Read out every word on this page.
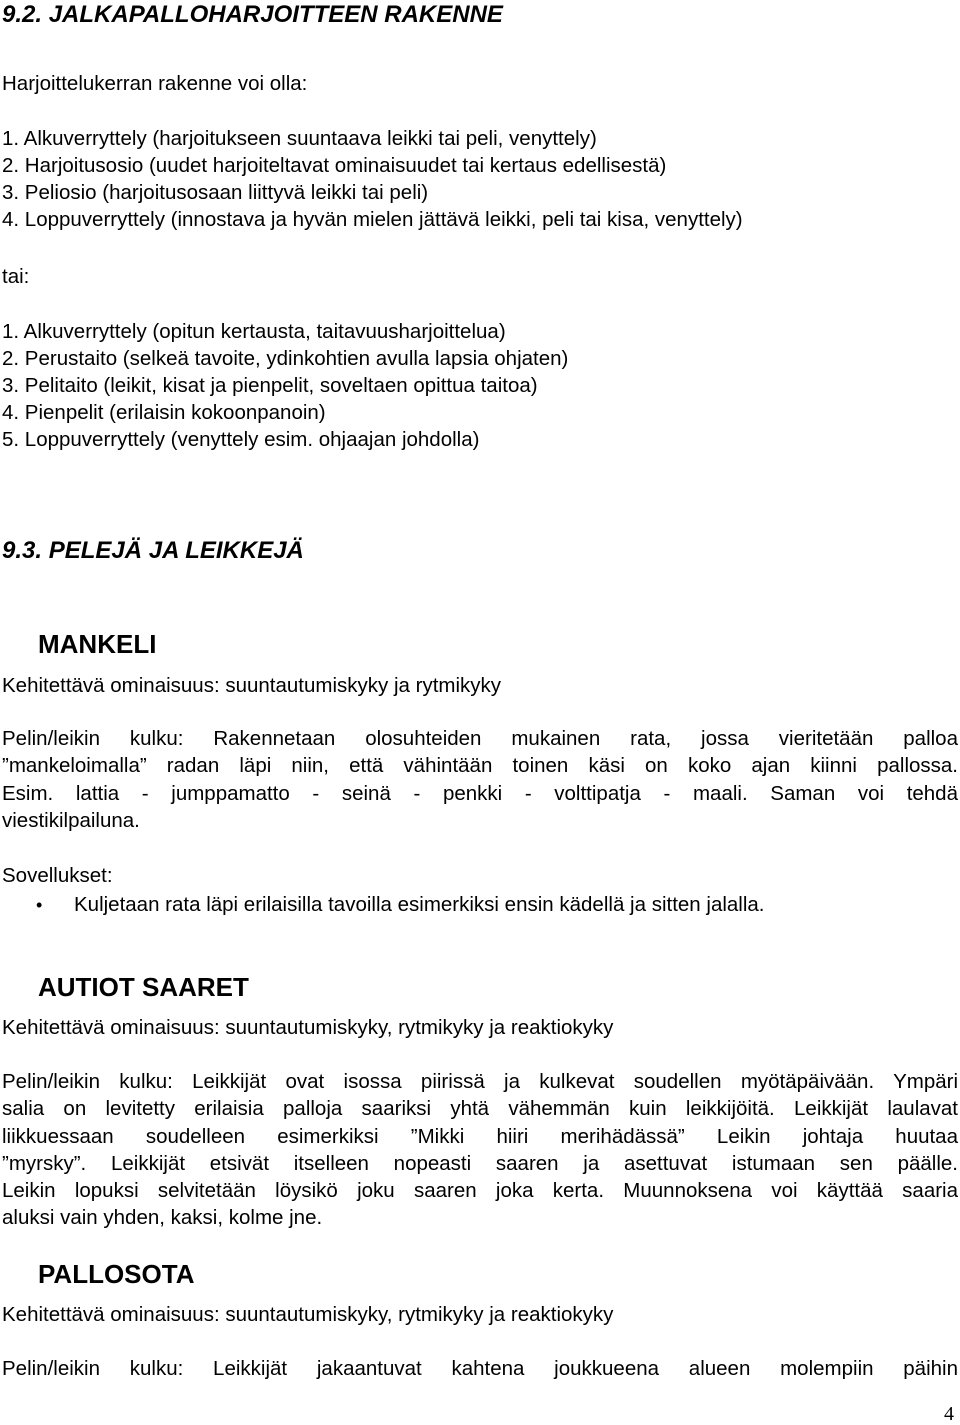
9.2. JALKAPALLOHARJOITTEEN RAKENNE
Harjoittelukerran rakenne voi olla:
1. Alkuverryttely (harjoitukseen suuntaava leikki tai peli, venyttely)
2. Harjoitusosio (uudet harjoiteltavat ominaisuudet tai kertaus edellisestä)
3. Peliosio (harjoitusosaan liittyvä leikki tai peli)
4. Loppuverryttely (innostava ja hyvän mielen jättävä leikki, peli tai kisa, venyttely)
tai:
1. Alkuverryttely (opitun kertausta, taitavuusharjoittelua)
2. Perustaito (selkeä tavoite, ydinkohtien avulla lapsia ohjaten)
3. Pelitaito (leikit, kisat ja pienpelit, soveltaen opittua taitoa)
4. Pienpelit (erilaisin kokoonpanoin)
5. Loppuverryttely (venyttely esim. ohjaajan johdolla)
9.3. PELEJÄ JA LEIKKEJÄ
MANKELI
Kehitettävä ominaisuus: suuntautumiskyky ja rytmikyky
Pelin/leikin kulku: Rakennetaan olosuhteiden mukainen rata, jossa vieritetään palloa
”mankeloimalla” radan läpi niin, että vähintään toinen käsi on koko ajan kiinni pallossa.
Esim. lattia - jumppamatto - seinä - penkki - volttipatja - maali. Saman voi tehdä
viestikilpailuna.
Sovellukset:
• Kuljetaan rata läpi erilaisilla tavoilla esimerkiksi ensin kädellä ja sitten jalalla.
AUTIOT SAARET
Kehitettävä ominaisuus: suuntautumiskyky, rytmikyky ja reaktiokyky
Pelin/leikin kulku: Leikkijät ovat isossa piirissä ja kulkevat soudellen myötäpäivään. Ympäri
salia on levitetty erilaisia palloja saariksi yhtä vähemmän kuin leikkijöitä. Leikkijät laulavat
liikkuessaan soudelleen esimerkiksi ”Mikki hiiri merihädässä” Leikin johtaja huutaa
”myrsky”. Leikkijät etsivät itselleen nopeasti saaren ja asettuvat istumaan sen päälle.
Leikin lopuksi selvitetään löysikö joku saaren joka kerta. Muunnoksena voi käyttää saaria
aluksi vain yhden, kaksi, kolme jne.
PALLOSOTA
Kehitettävä ominaisuus: suuntautumiskyky, rytmikyky ja reaktiokyky
Pelin/leikin kulku: Leikkijät jakaantuvat kahtena joukkueena alueen molempiin päihin
4
